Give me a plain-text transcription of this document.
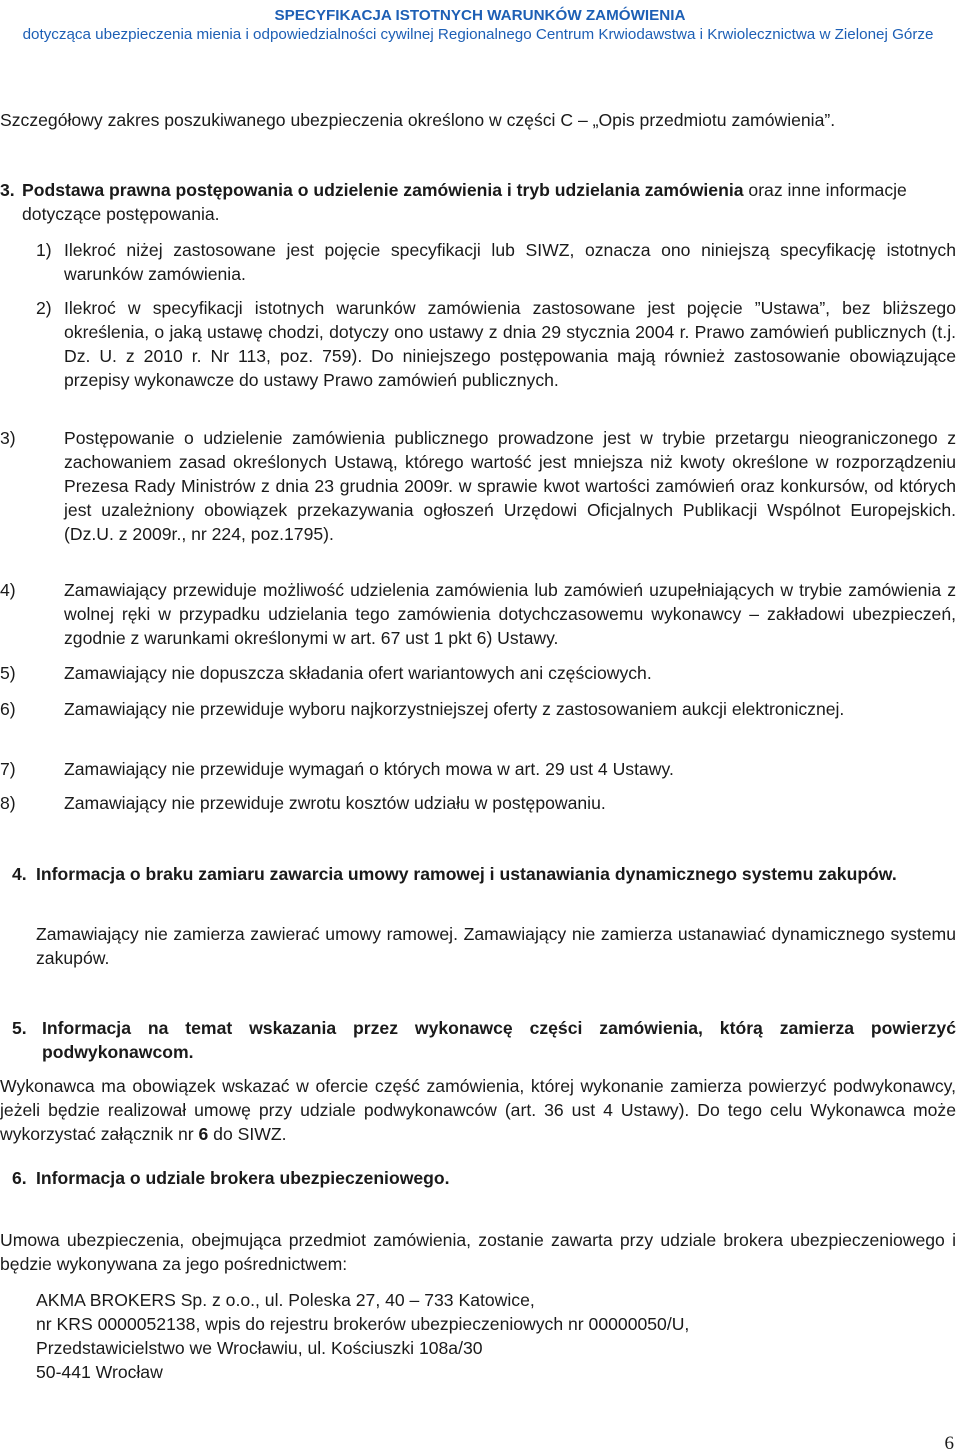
SPECYFIKACJA ISTOTNYCH WARUNKÓW ZAMÓWIENIA
dotycząca ubezpieczenia mienia i odpowiedzialności cywilnej Regionalnego Centrum Krwiodawstwa i Krwiolecznictwa w Zielonej Górze
Szczegółowy zakres poszukiwanego ubezpieczenia określono w części C – „Opis przedmiotu zamówienia”.
3. Podstawa prawna postępowania o udzielenie zamówienia i tryb udzielania zamówienia oraz inne informacje dotyczące postępowania.
1) Ilekroć niżej zastosowane jest pojęcie specyfikacji lub SIWZ, oznacza ono niniejszą specyfikację istotnych warunków zamówienia.
2) Ilekroć w specyfikacji istotnych warunków zamówienia zastosowane jest pojęcie ”Ustawa”, bez bliższego określenia, o jaką ustawę chodzi, dotyczy ono ustawy z dnia 29 stycznia 2004 r. Prawo zamówień publicznych (t.j. Dz. U. z 2010 r. Nr 113, poz. 759). Do niniejszego postępowania mają również zastosowanie obowiązujące przepisy wykonawcze do ustawy Prawo zamówień publicznych.
3)	Postępowanie o udzielenie zamówienia publicznego prowadzone jest w trybie przetargu nieograniczonego z zachowaniem zasad określonych Ustawą, którego wartość jest mniejsza niż kwoty określone w rozporządzeniu Prezesa Rady Ministrów z dnia 23 grudnia 2009r. w sprawie kwot wartości zamówień oraz konkursów, od których jest uzależniony obowiązek przekazywania ogłoszeń Urzędowi Oficjalnych Publikacji Wspólnot Europejskich. (Dz.U. z 2009r., nr 224, poz.1795).
4)	Zamawiający przewiduje możliwość udzielenia zamówienia lub zamówień uzupełniających w trybie zamówienia z wolnej ręki w przypadku udzielania tego zamówienia dotychczasowemu wykonawcy – zakładowi ubezpieczeń, zgodnie z warunkami określonymi w art. 67 ust 1 pkt 6) Ustawy.
5)	Zamawiający nie dopuszcza składania ofert wariantowych ani częściowych.
6)	Zamawiający nie przewiduje wyboru najkorzystniejszej oferty z zastosowaniem aukcji elektronicznej.
7)	Zamawiający nie przewiduje wymagań o których mowa w art. 29 ust 4 Ustawy.
8)	Zamawiający nie przewiduje zwrotu kosztów udziału w postępowaniu.
4. Informacja o braku zamiaru zawarcia umowy ramowej i ustanawiania dynamicznego systemu zakupów.
Zamawiający nie zamierza zawierać umowy ramowej. Zamawiający nie zamierza ustanawiać dynamicznego systemu zakupów.
5. Informacja na temat wskazania przez wykonawcę części zamówienia, którą zamierza powierzyć podwykonawcom.
Wykonawca ma obowiązek wskazać w ofercie część zamówienia, której wykonanie zamierza powierzyć podwykonawcy, jeżeli będzie realizował umowę przy udziale podwykonawców (art. 36 ust 4 Ustawy). Do tego celu Wykonawca może wykorzystać załącznik nr 6 do SIWZ.
6. Informacja o udziale brokera ubezpieczeniowego.
Umowa ubezpieczenia, obejmująca przedmiot zamówienia, zostanie zawarta przy udziale brokera ubezpieczeniowego i będzie wykonywana za jego pośrednictwem:
AKMA BROKERS Sp. z o.o., ul. Poleska 27, 40 – 733 Katowice,
nr KRS 0000052138, wpis do rejestru brokerów ubezpieczeniowych nr 00000050/U,
Przedstawicielstwo we Wrocławiu, ul. Kościuszki 108a/30
50-441 Wrocław
6
